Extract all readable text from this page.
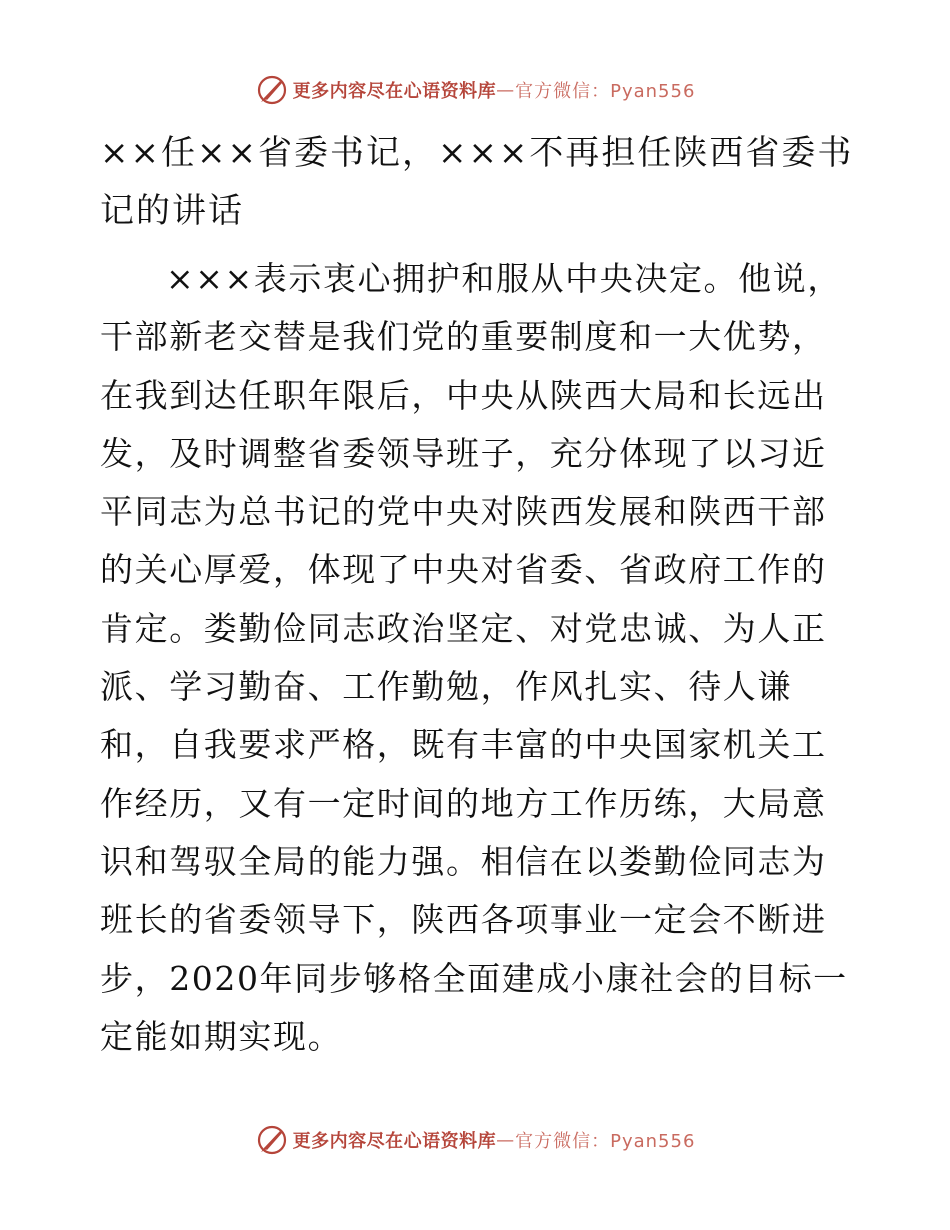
更多内容尽在心语资料库 — 官方微信：Pyan556
××任××省委书记，×××不再担任陕西省委书记的讲话

×××表示衷心拥护和服从中央决定。他说，干部新老交替是我们党的重要制度和一大优势，在我到达任职年限后，中央从陕西大局和长远出发，及时调整省委领导班子，充分体现了以习近平同志为总书记的党中央对陕西发展和陕西干部的关心厚爱，体现了中央对省委、省政府工作的肯定。娄勤俭同志政治坚定、对党忠诚、为人正派、学习勤奋、工作勤勉，作风扎实、待人谦和，自我要求严格，既有丰富的中央国家机关工作经历，又有一定时间的地方工作历练，大局意识和驾驭全局的能力强。相信在以娄勤俭同志为班长的省委领导下，陕西各项事业一定会不断进步，2020年同步够格全面建成小康社会的目标一定能如期实现。

更多内容尽在心语资料库 — 官方微信：Pyan556
